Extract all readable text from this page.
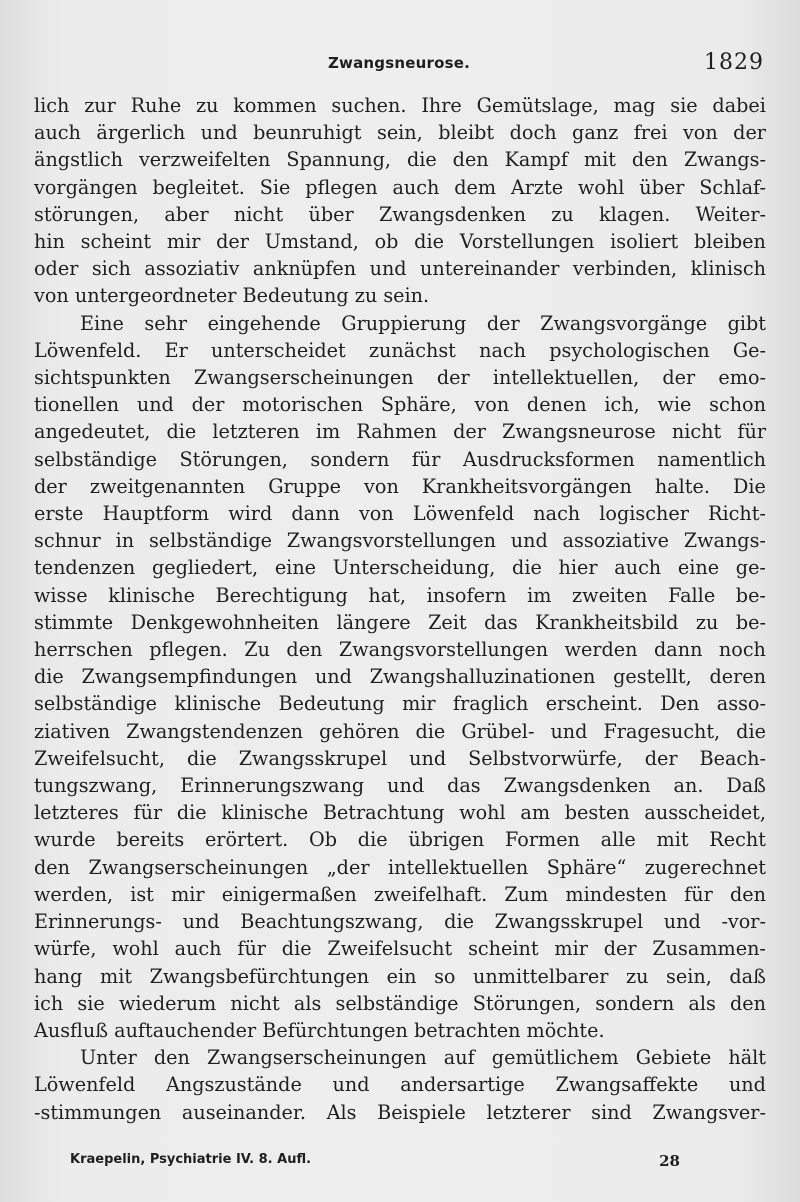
Zwangsneurose.	1829
lich zur Ruhe zu kommen suchen. Ihre Gemütslage, mag sie dabei
auch ärgerlich und beunruhigt sein, bleibt doch ganz frei von der
ängstlich verzweifelten Spannung, die den Kampf mit den Zwangs-
vorgängen begleitet. Sie pflegen auch dem Arzte wohl über Schlaf-
störungen, aber nicht über Zwangsdenken zu klagen. Weiter-
hin scheint mir der Umstand, ob die Vorstellungen isoliert bleiben
oder sich assoziativ anknüpfen und untereinander verbinden, klinisch
von untergeordneter Bedeutung zu sein.
Eine sehr eingehende Gruppierung der Zwangsvorgänge gibt
Löwenfeld. Er unterscheidet zunächst nach psychologischen Ge-
sichtspunkten Zwangserscheinungen der intellektuellen, der emo-
tionellen und der motorischen Sphäre, von denen ich, wie schon
angedeutet, die letzteren im Rahmen der Zwangsneurose nicht für
selbständige Störungen, sondern für Ausdrucksformen namentlich
der zweitgenannten Gruppe von Krankheitsvorgängen halte. Die
erste Hauptform wird dann von Löwenfeld nach logischer Richt-
schnur in selbständige Zwangsvorstellungen und assoziative Zwangs-
tendenzen gegliedert, eine Unterscheidung, die hier auch eine ge-
wisse klinische Berechtigung hat, insofern im zweiten Falle be-
stimmte Denkgewohnheiten längere Zeit das Krankheitsbild zu be-
herrschen pflegen. Zu den Zwangsvorstellungen werden dann noch
die Zwangsempfindungen und Zwangshalluzinationen gestellt, deren
selbständige klinische Bedeutung mir fraglich erscheint. Den asso-
ziativen Zwangstendenzen gehören die Grübel- und Fragesucht, die
Zweifelsucht, die Zwangsskrupel und Selbstvorwürfe, der Beach-
tungszwang, Erinnerungszwang und das Zwangsdenken an. Daß
letzteres für die klinische Betrachtung wohl am besten ausscheidet,
wurde bereits erörtert. Ob die übrigen Formen alle mit Recht
den Zwangserscheinungen „der intellektuellen Sphäre“ zugerechnet
werden, ist mir einigermaßen zweifelhaft. Zum mindesten für den
Erinnerungs- und Beachtungszwang, die Zwangsskrupel und -vor-
würfe, wohl auch für die Zweifelsucht scheint mir der Zusammen-
hang mit Zwangsbefürchtungen ein so unmittelbarer zu sein, daß
ich sie wiederum nicht als selbständige Störungen, sondern als den
Ausfluß auftauchender Befürchtungen betrachten möchte.
Unter den Zwangserscheinungen auf gemütlichem Gebiete hält
Löwenfeld Angszustände und andersartige Zwangsaffekte und
-stimmungen auseinander. Als Beispiele letzterer sind Zwangsver-
Kraepelin, Psychiatrie IV. 8. Aufl.	28
